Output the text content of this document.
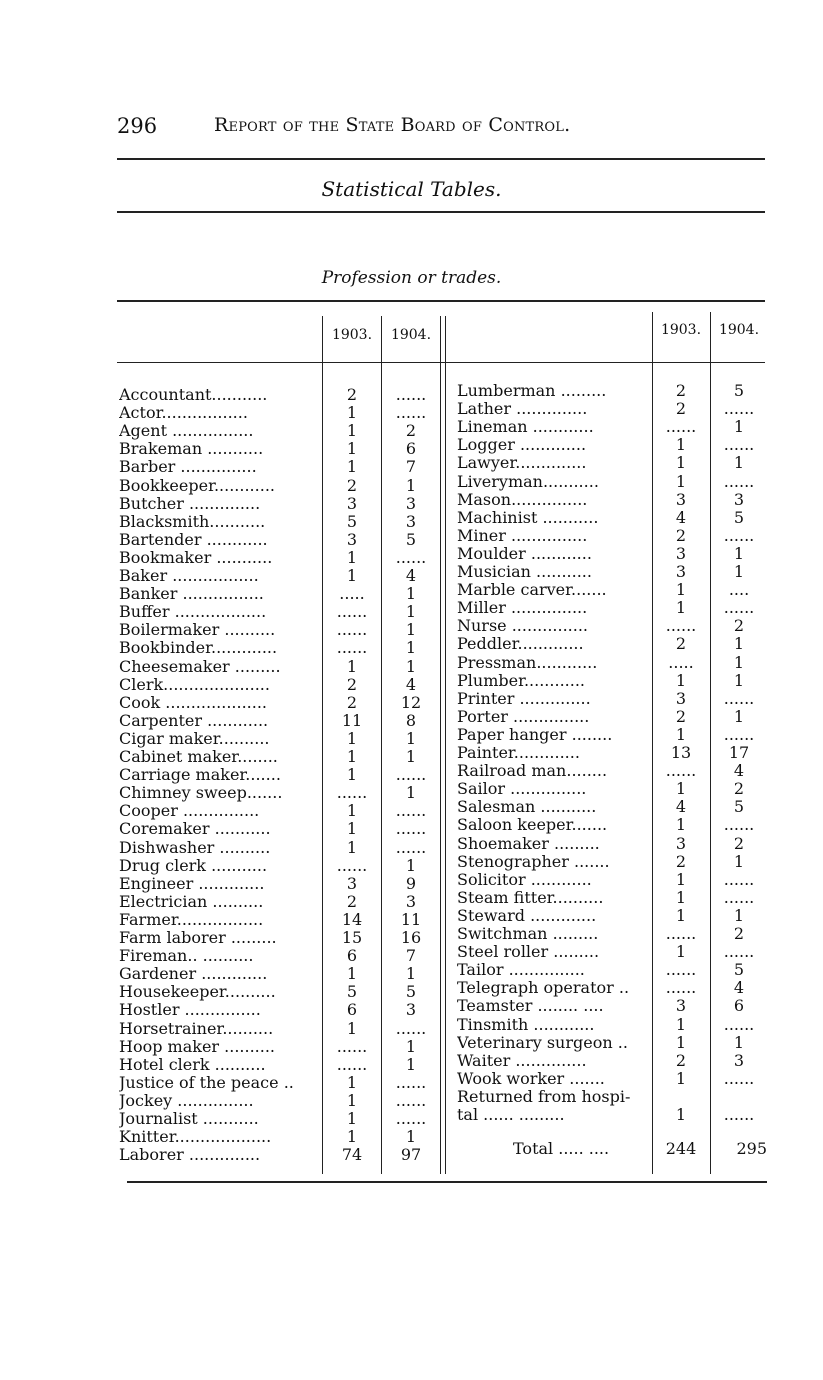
296	Report of the State Board of Control.
Statistical Tables.
Profession or trades.
1903.	1904.	1903.	1904.
Accountant...........	2	......
Actor.................	1	......
Agent ................	1	2
Brakeman ...........	1	6
Barber ...............	1	7
Bookkeeper............	2	1
Butcher ..............	3	3
Blacksmith...........	5	3
Bartender ............	3	5
Bookmaker ...........	1	......
Baker .................	1	4
Banker ................	.....	1
Buffer ..................	......	1
Boilermaker ..........	......	1
Bookbinder.............	......	1
Cheesemaker .........	1	1
Clerk.....................	2	4
Cook ....................	2	12
Carpenter ............	11	8
Cigar maker..........	1	1
Cabinet maker........	1	1
Carriage maker.......	1	......
Chimney sweep.......	......	1
Cooper ...............	1	......
Coremaker ...........	1	......
Dishwasher ..........	1	......
Drug clerk ...........	......	1
Engineer .............	3	9
Electrician ..........	2	3
Farmer.................	14	11
Farm laborer .........	15	16
Fireman.. ..........	6	7
Gardener .............	1	1
Housekeeper..........	5	5
Hostler ...............	6	3
Horsetrainer..........	1	......
Hoop maker ..........	......	1
Hotel clerk ..........	......	1
Justice of the peace ..	1	......
Jockey ...............	1	......
Journalist ...........	1	......
Knitter...................	1	1
Laborer ..............	74	97
Lumberman .........	2	5
Lather ..............	2	......
Lineman ............	......	1
Logger .............	1	......
Lawyer..............	1	1
Liveryman...........	1	......
Mason...............	3	3
Machinist ...........	4	5
Miner ...............	2	......
Moulder ............	3	1
Musician ...........	3	1
Marble carver.......	1	....
Miller ...............	1	......
Nurse ...............	......	2
Peddler.............	2	1
Pressman............	.....	1
Plumber............	1	1
Printer ..............	3	......
Porter ...............	2	1
Paper hanger ........	1	......
Painter.............	13	17
Railroad man........	......	4
Sailor ...............	1	2
Salesman ...........	4	5
Saloon keeper.......	1	......
Shoemaker .........	3	2
Stenographer .......	2	1
Solicitor ............	1	......
Steam fitter..........	1	......
Steward .............	1	1
Switchman .........	......	2
Steel roller .........	1	......
Tailor ...............	......	5
Telegraph operator ..	......	4
Teamster ........ ....	3	6
Tinsmith ............	1	......
Veterinary surgeon ..	1	1
Waiter ..............	2	3
Wook worker .......	1	......
Returned from hospi-
tal ...... .........	1	......
Total ..... ....	244	295
